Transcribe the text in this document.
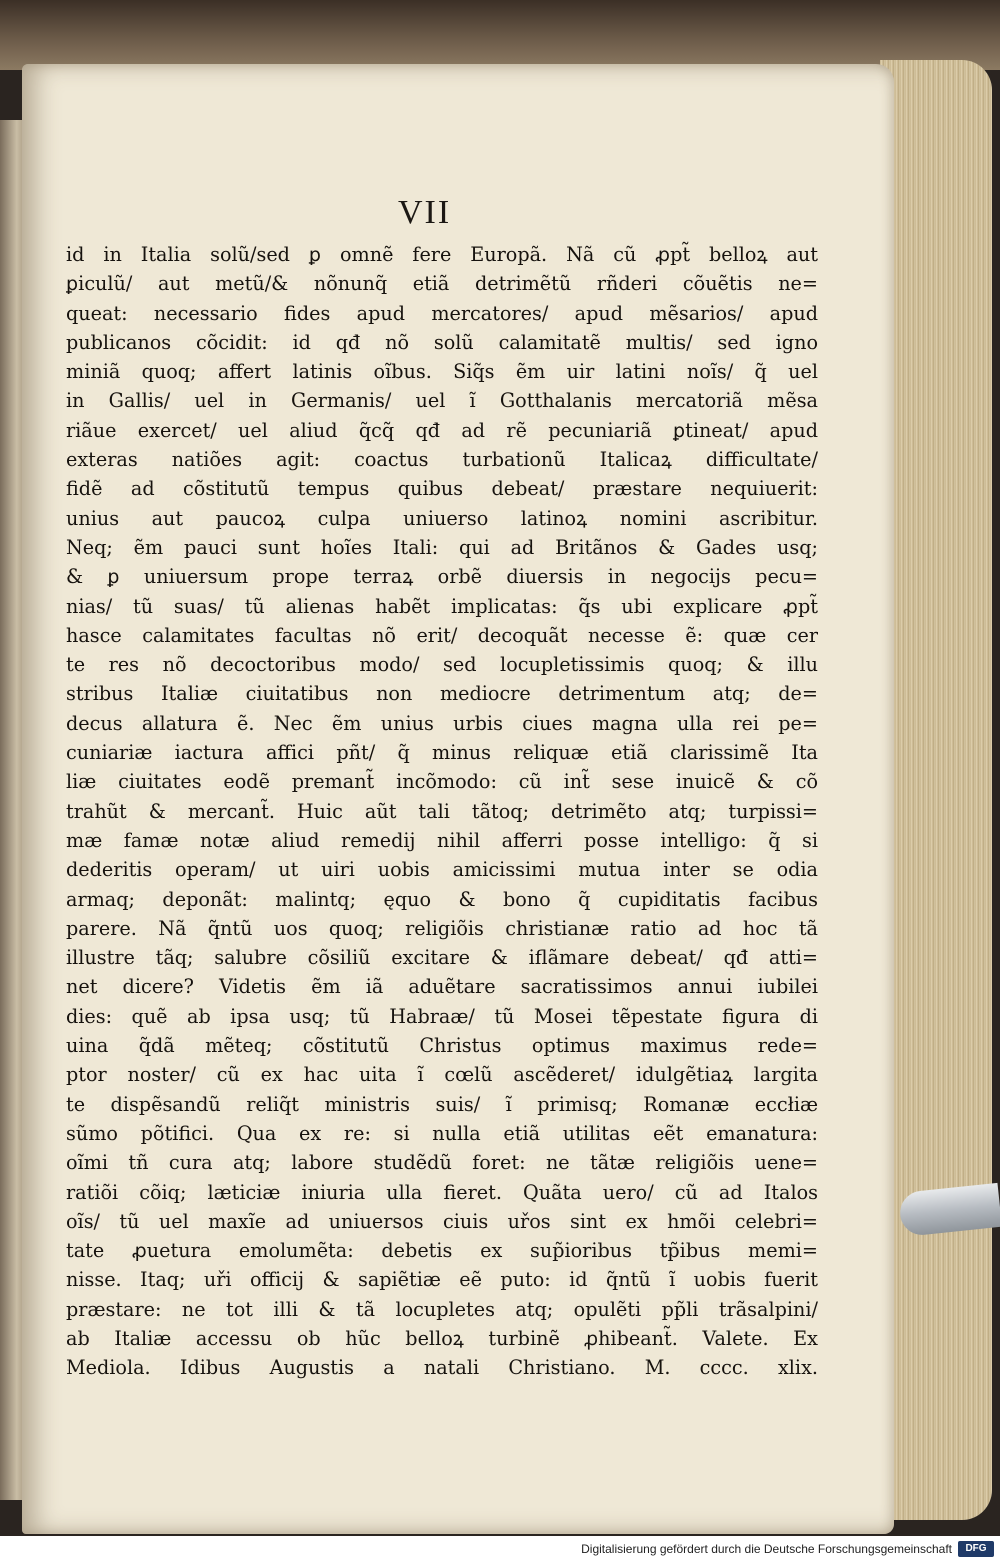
VII
id in Italia solũ/sed ꝑ omnẽ fere Europã. Nã cũ ꝓpt̃ belloꝝ aut
ꝑiculũ/ aut metũ/& nõnunq̃ etiã detrimẽtũ rñderi cõuẽtis ne=
queat: necessario fides apud mercatores/ apud mẽsarios/ apud
publicanos cõcidit: id qđ nõ solũ calamitatẽ multis/ sed igno
miniã quoq; affert latinis oĩbus. Siq̃s ẽm uir latini noĩs/ q̃ uel
in Gallis/ uel in Germanis/ uel ĩ Gotthalanis mercatoriã mẽsa
riãue exercet/ uel aliud q̃cq̃ qđ ad rẽ pecuniariã ꝑtineat/ apud
exteras natiões agit: coactus turbationũ Italicaꝝ difficultate/
fidẽ ad cõstitutũ tempus quibus debeat/ præstare nequiuerit:
unius aut paucoꝝ culpa uniuerso latinoꝝ nomini ascribitur.
Neq; ẽm pauci sunt hoĩes Itali: qui ad Britãnos & Gades usq;
& ꝑ uniuersum prope terraꝝ orbẽ diuersis in negocijs pecu=
nias/ tũ suas/ tũ alienas habẽt implicatas: q̃s ubi explicare ꝓpt̃
hasce calamitates facultas nõ erit/ decoquãt necesse ẽ: quæ cer
te res nõ decoctoribus modo/ sed locupletissimis quoq; & illu
stribus Italiæ ciuitatibus non mediocre detrimentum atq; de=
decus allatura ẽ. Nec ẽm unius urbis ciues magna ulla rei pe=
cuniariæ iactura affici pñt/ q̃ minus reliquæ etiã clarissimẽ Ita
liæ ciuitates eodẽ premant̃ incõmodo: cũ int̃ sese inuicẽ & cõ
trahũt & mercant̃. Huic aũt tali tãtoq; detrimẽto atq; turpissi=
mæ famæ notæ aliud remedij nihil afferri posse intelligo: q̃ si
dederitis operam/ ut uiri uobis amicissimi mutua inter se odia
armaq; deponãt: malintq; ęquo & bono q̃ cupiditatis facibus
parere. Nã q̃ntũ uos quoq; religiõis christianæ ratio ad hoc tã
illustre tãq; salubre cõsiliũ excitare & iflãmare debeat/ qđ atti=
net dicere? Videtis ẽm iã aduẽtare sacratissimos annui iubilei
dies: quẽ ab ipsa usq; tũ Habraæ/ tũ Mosei tẽpestate figura di
uina q̃dã mẽteq; cõstitutũ Christus optimus maximus rede=
ptor noster/ cũ ex hac uita ĩ cœlũ ascẽderet/ idulgẽtiaꝝ largita
te dispẽsandũ reliq̃t ministris suis/ ĩ primisq; Romanæ eccłiæ
sũmo põtifici. Qua ex re: si nulla etiã utilitas eẽt emanatura:
oĩmi tñ cura atq; labore studẽdũ foret: ne tãtæ religiõis uene=
ratiõi cõiq; læticiæ iniuria ulla fieret. Quãta uero/ cũ ad Italos
oĩs/ tũ uel maxĩe ad uniuersos ciuis uřos sint ex hmõi celebri=
tate ꝓuetura emolumẽta: debetis ex sup̃ioribus tp̃ibus memi=
nisse. Itaq; uři officij & sapiẽtiæ eẽ puto: id q̃ntũ ĩ uobis fuerit
præstare: ne tot illi & tã locupletes atq; opulẽti pp̃li trãsalpini/
ab Italiæ accessu ob hũc belloꝝ turbinẽ ꝓhibeant̃. Valete. Ex
Mediola. Idibus Augustis a natali Christiano. M. cccc. xlix.
Digitalisierung gefördert durch die Deutsche Forschungsgemeinschaft	DFG
